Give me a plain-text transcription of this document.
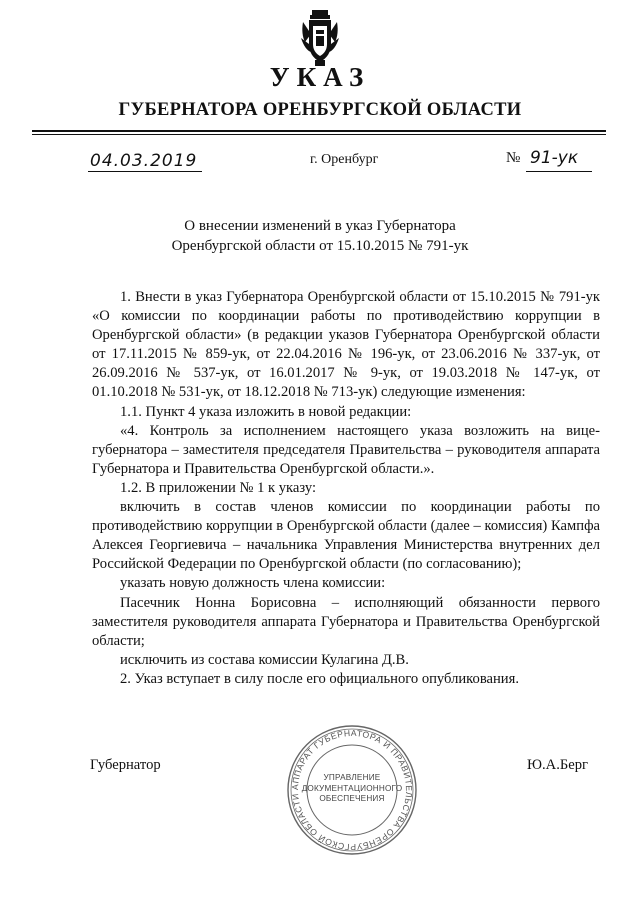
УКАЗ
ГУБЕРНАТОРА ОРЕНБУРГСКОЙ ОБЛАСТИ
04.03.2019	г. Оренбург	№ 91-ук
О внесении изменений в указ Губернатора
Оренбургской области от 15.10.2015 № 791-ук

1. Внести в указ Губернатора Оренбургской области от 15.10.2015 № 791-ук «О комиссии по координации работы по противодействию коррупции в Оренбургской области» (в редакции указов Губернатора Оренбургской области от 17.11.2015 № 859-ук, от 22.04.2016 № 196-ук, от 23.06.2016 № 337-ук, от 26.09.2016 № 537-ук, от 16.01.2017 № 9-ук, от 19.03.2018 № 147-ук, от 01.10.2018 № 531-ук, от 18.12.2018 № 713-ук) следующие изменения:

1.1. Пункт 4 указа изложить в новой редакции:

«4. Контроль за исполнением настоящего указа возложить на вице-губернатора – заместителя председателя Правительства – руководителя аппарата Губернатора и Правительства Оренбургской области.».

1.2. В приложении № 1 к указу:

включить в состав членов комиссии по координации работы по противодействию коррупции в Оренбургской области (далее – комиссия) Кампфа Алексея Георгиевича – начальника Управления Министерства внутренних дел Российской Федерации по Оренбургской области (по согласованию);

указать новую должность члена комиссии:

Пасечник Нонна Борисовна – исполняющий обязанности первого заместителя руководителя аппарата Губернатора и Правительства Оренбургской области;

исключить из состава комиссии Кулагина Д.В.

2. Указ вступает в силу после его официального опубликования.

Губернатор	Ю.А.Берг
АППАРАТ ГУБЕРНАТОРА И ПРАВИТЕЛЬСТВА ОРЕНБУРГСКОЙ ОБЛАСТИ
УПРАВЛЕНИЕ
ДОКУМЕНТАЦИОННОГО
ОБЕСПЕЧЕНИЯ
